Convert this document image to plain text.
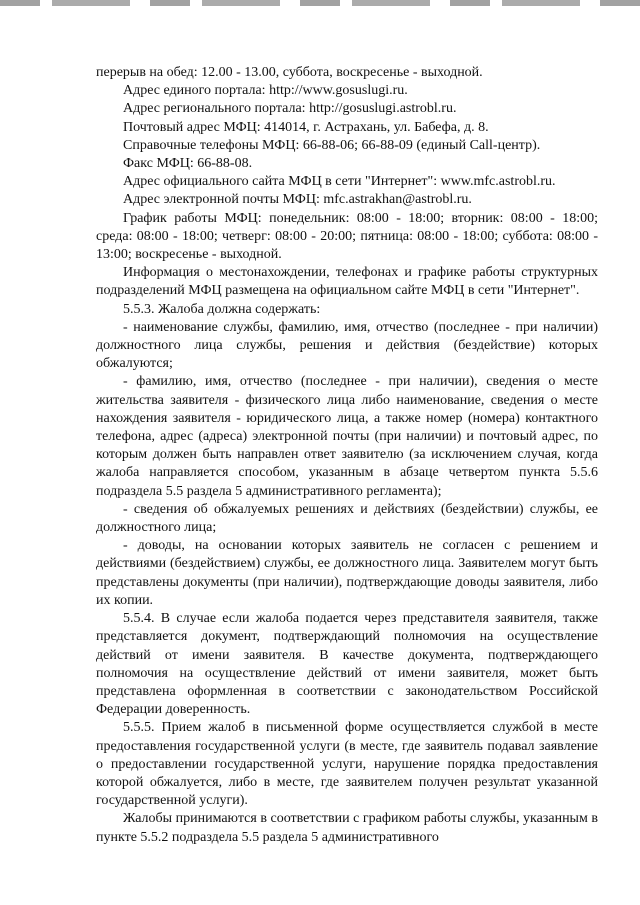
перерыв на обед: 12.00 - 13.00, суббота, воскресенье - выходной.

Адрес единого портала: http://www.gosuslugi.ru.

Адрес регионального портала: http://gosuslugi.astrobl.ru.

Почтовый адрес МФЦ: 414014, г. Астрахань, ул. Бабефа, д. 8.

Справочные телефоны МФЦ: 66-88-06; 66-88-09 (единый Call-центр).

Факс МФЦ: 66-88-08.

Адрес официального сайта МФЦ в сети "Интернет": www.mfc.astrobl.ru.

Адрес электронной почты МФЦ: mfc.astrakhan@astrobl.ru.

График работы МФЦ: понедельник: 08:00 - 18:00; вторник: 08:00 - 18:00; среда: 08:00 - 18:00; четверг: 08:00 - 20:00; пятница: 08:00 - 18:00; суббота: 08:00 - 13:00; воскресенье - выходной.

Информация о местонахождении, телефонах и графике работы структурных подразделений МФЦ размещена на официальном сайте МФЦ в сети "Интернет".

5.5.3. Жалоба должна содержать:

- наименование службы, фамилию, имя, отчество (последнее - при наличии) должностного лица службы, решения и действия (бездействие) которых обжалуются;

- фамилию, имя, отчество (последнее - при наличии), сведения о месте жительства заявителя - физического лица либо наименование, сведения о месте нахождения заявителя - юридического лица, а также номер (номера) контактного телефона, адрес (адреса) электронной почты (при наличии) и почтовый адрес, по которым должен быть направлен ответ заявителю (за исключением случая, когда жалоба направляется способом, указанным в абзаце четвертом пункта 5.5.6 подраздела 5.5 раздела 5 административного регламента);

- сведения об обжалуемых решениях и действиях (бездействии) службы, ее должностного лица;

- доводы, на основании которых заявитель не согласен с решением и действиями (бездействием) службы, ее должностного лица. Заявителем могут быть представлены документы (при наличии), подтверждающие доводы заявителя, либо их копии.

5.5.4. В случае если жалоба подается через представителя заявителя, также представляется документ, подтверждающий полномочия на осуществление действий от имени заявителя. В качестве документа, подтверждающего полномочия на осуществление действий от имени заявителя, может быть представлена оформленная в соответствии с законодательством Российской Федерации доверенность.

5.5.5. Прием жалоб в письменной форме осуществляется службой в месте предоставления государственной услуги (в месте, где заявитель подавал заявление о предоставлении государственной услуги, нарушение порядка предоставления которой обжалуется, либо в месте, где заявителем получен результат указанной государственной услуги).

Жалобы принимаются в соответствии с графиком работы службы, указанным в пункте 5.5.2 подраздела 5.5 раздела 5 административного
